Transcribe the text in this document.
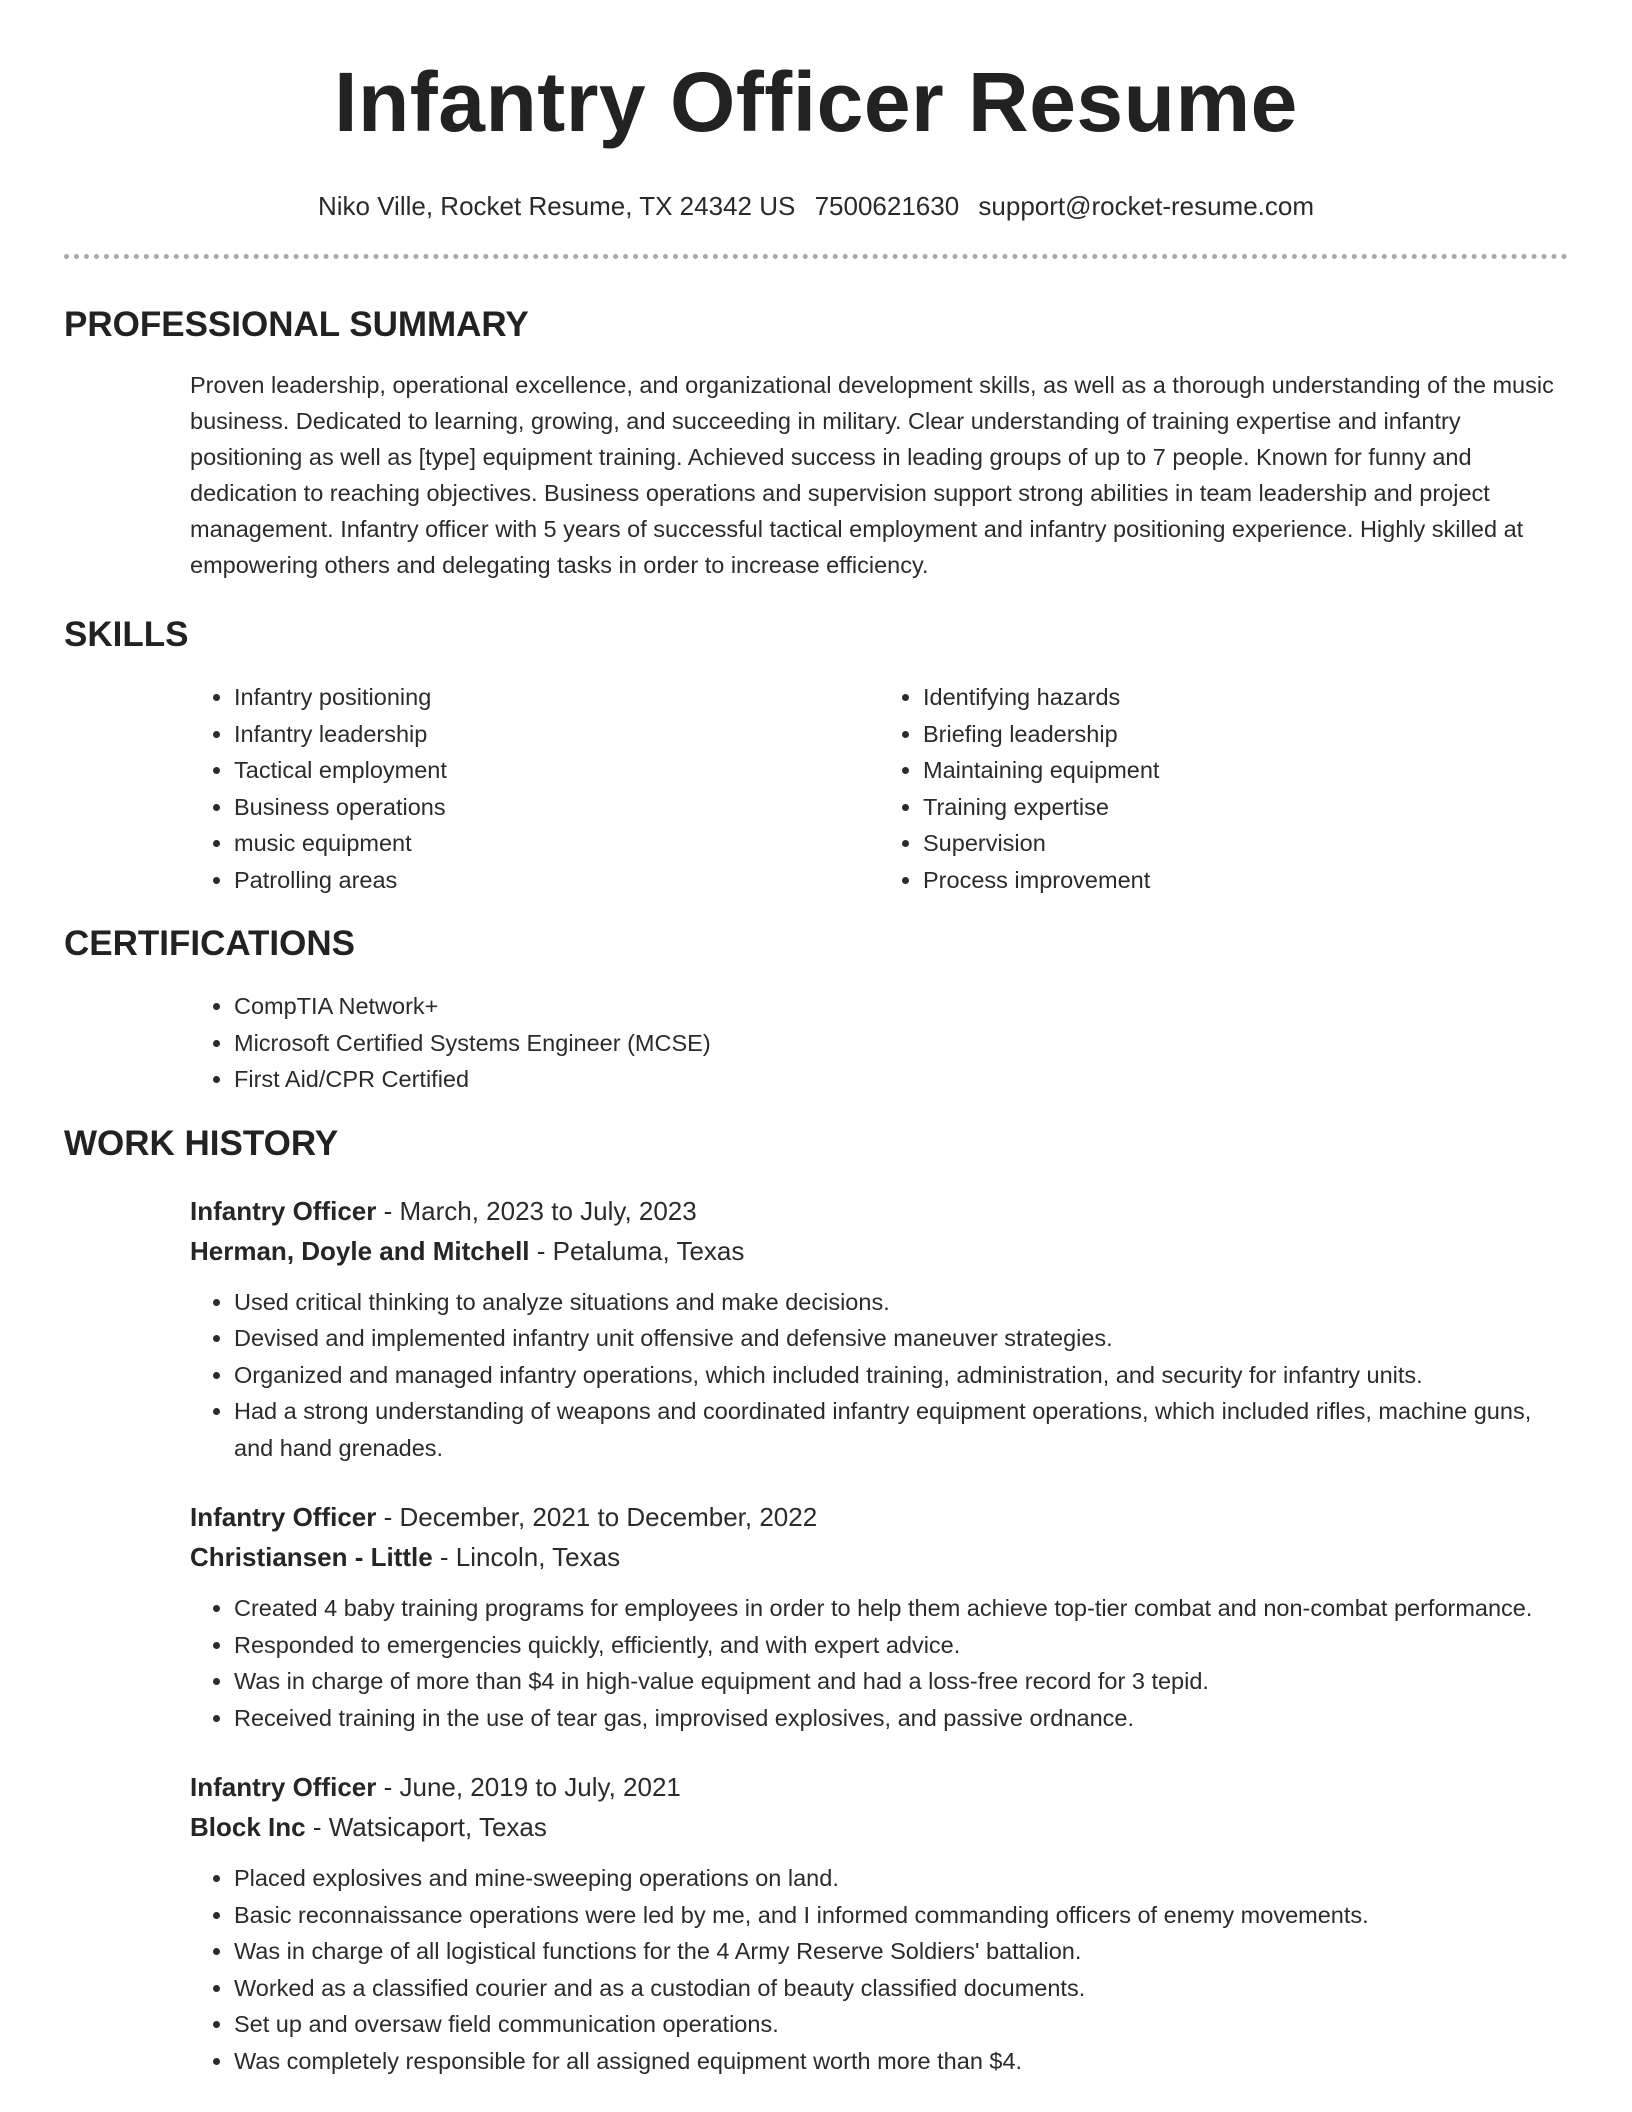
Infantry Officer Resume
Niko Ville, Rocket Resume, TX 24342 US 7500621630 support@rocket-resume.com
PROFESSIONAL SUMMARY

Proven leadership, operational excellence, and organizational development skills, as well as a thorough understanding of the music business. Dedicated to learning, growing, and succeeding in military. Clear understanding of training expertise and infantry positioning as well as [type] equipment training. Achieved success in leading groups of up to 7 people. Known for funny and dedication to reaching objectives. Business operations and supervision support strong abilities in team leadership and project management. Infantry officer with 5 years of successful tactical employment and infantry positioning experience. Highly skilled at empowering others and delegating tasks in order to increase efficiency.

SKILLS
• Infantry positioning
• Infantry leadership
• Tactical employment
• Business operations
• music equipment
• Patrolling areas
• Identifying hazards
• Briefing leadership
• Maintaining equipment
• Training expertise
• Supervision
• Process improvement
CERTIFICATIONS
• CompTIA Network+
• Microsoft Certified Systems Engineer (MCSE)
• First Aid/CPR Certified
WORK HISTORY
Infantry Officer - March, 2023 to July, 2023
Herman, Doyle and Mitchell - Petaluma, Texas
• Used critical thinking to analyze situations and make decisions.
• Devised and implemented infantry unit offensive and defensive maneuver strategies.
• Organized and managed infantry operations, which included training, administration, and security for infantry units.
• Had a strong understanding of weapons and coordinated infantry equipment operations, which included rifles, machine guns, and hand grenades.
Infantry Officer - December, 2021 to December, 2022
Christiansen - Little - Lincoln, Texas
• Created 4 baby training programs for employees in order to help them achieve top-tier combat and non-combat performance.
• Responded to emergencies quickly, efficiently, and with expert advice.
• Was in charge of more than $4 in high-value equipment and had a loss-free record for 3 tepid.
• Received training in the use of tear gas, improvised explosives, and passive ordnance.
Infantry Officer - June, 2019 to July, 2021
Block Inc - Watsicaport, Texas
• Placed explosives and mine-sweeping operations on land.
• Basic reconnaissance operations were led by me, and I informed commanding officers of enemy movements.
• Was in charge of all logistical functions for the 4 Army Reserve Soldiers' battalion.
• Worked as a classified courier and as a custodian of beauty classified documents.
• Set up and oversaw field communication operations.
• Was completely responsible for all assigned equipment worth more than $4.
